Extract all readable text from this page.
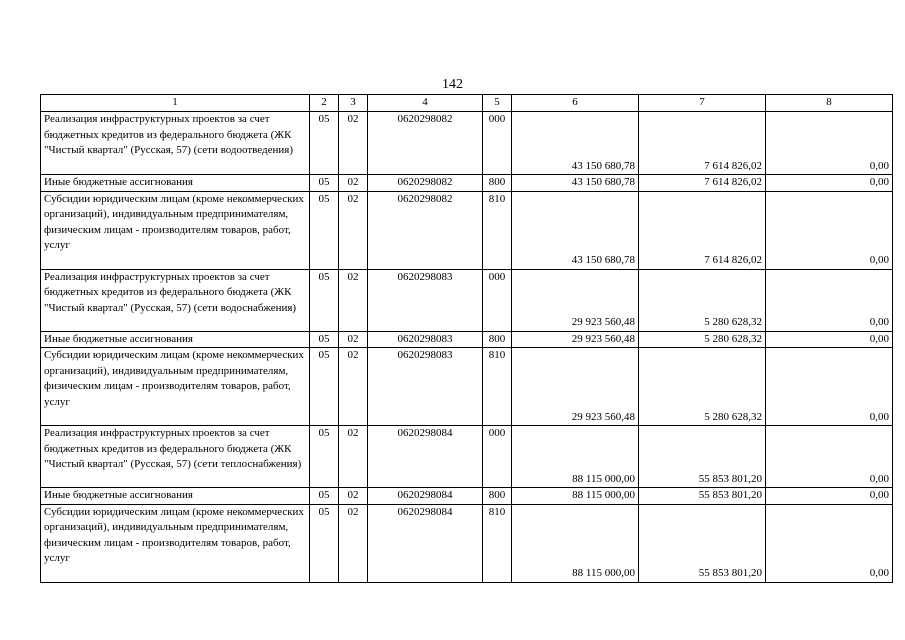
142
1	2	3	4	5	6	7	8
Реализация инфраструктурных проектов за счет бюджетных кредитов из федерального бюджета (ЖК "Чистый квартал" (Русская, 57) (сети водоотведения)	05	02	0620298082	000	43 150 680,78	7 614 826,02	0,00
Иные бюджетные ассигнования	05	02	0620298082	800	43 150 680,78	7 614 826,02	0,00
Субсидии юридическим лицам (кроме некоммерческих организаций), индивидуальным предпринимателям, физическим лицам - производителям товаров, работ, услуг	05	02	0620298082	810	43 150 680,78	7 614 826,02	0,00
Реализация инфраструктурных проектов за счет бюджетных кредитов из федерального бюджета (ЖК "Чистый квартал" (Русская, 57) (сети водоснабжения)	05	02	0620298083	000	29 923 560,48	5 280 628,32	0,00
Иные бюджетные ассигнования	05	02	0620298083	800	29 923 560,48	5 280 628,32	0,00
Субсидии юридическим лицам (кроме некоммерческих организаций), индивидуальным предпринимателям, физическим лицам - производителям товаров, работ, услуг	05	02	0620298083	810	29 923 560,48	5 280 628,32	0,00
Реализация инфраструктурных проектов за счет бюджетных кредитов из федерального бюджета (ЖК "Чистый квартал" (Русская, 57) (сети теплоснабжения)	05	02	0620298084	000	88 115 000,00	55 853 801,20	0,00
Иные бюджетные ассигнования	05	02	0620298084	800	88 115 000,00	55 853 801,20	0,00
Субсидии юридическим лицам (кроме некоммерческих организаций), индивидуальным предпринимателям, физическим лицам - производителям товаров, работ, услуг	05	02	0620298084	810	88 115 000,00	55 853 801,20	0,00
